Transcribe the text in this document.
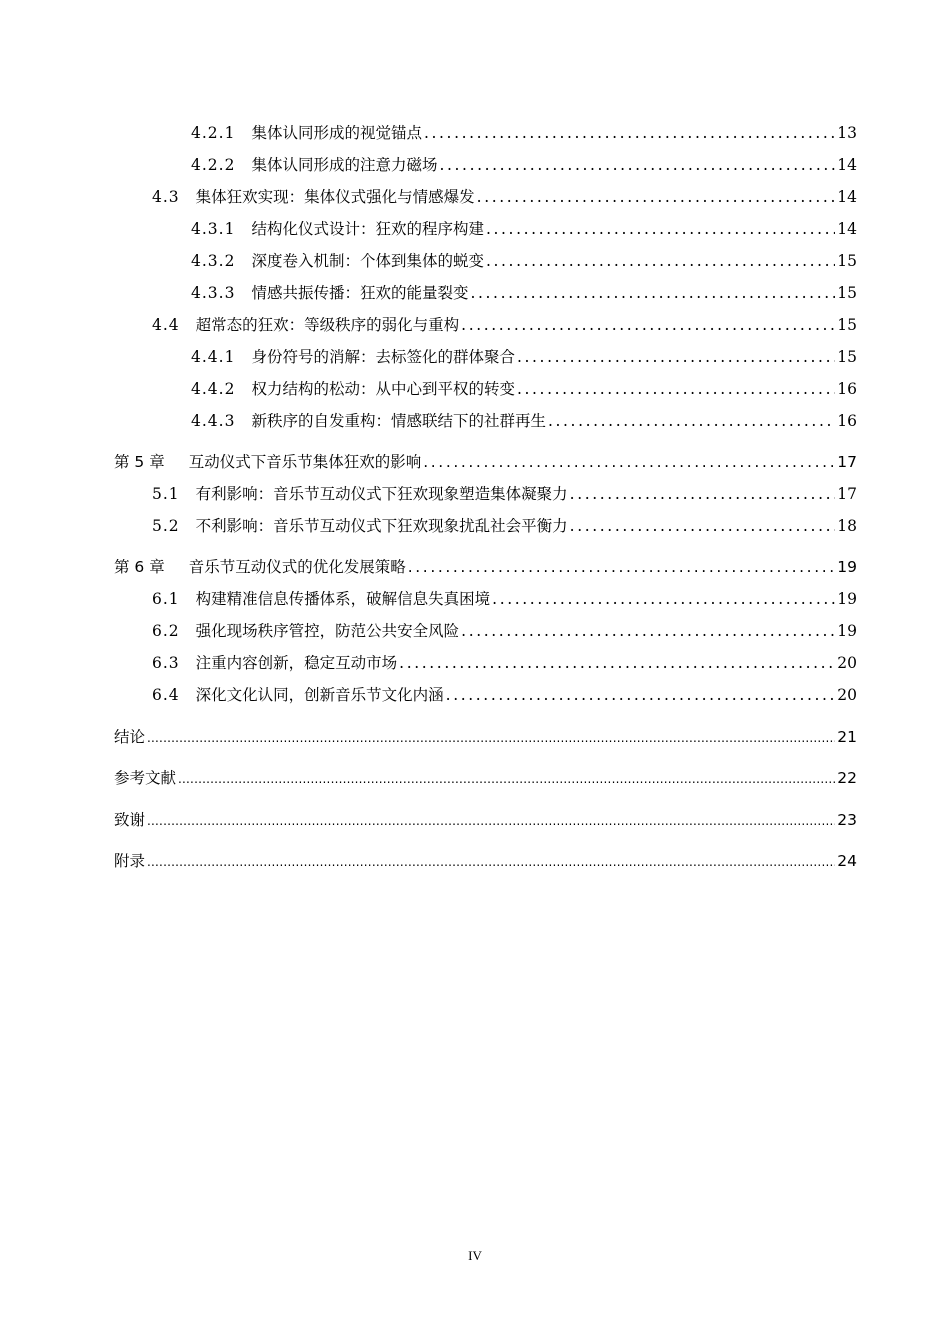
4.2.1 集体认同形成的视觉锚点 .....	13
4.2.2 集体认同形成的注意力磁场 .....	14
4.3 集体狂欢实现：集体仪式强化与情感爆发 .....	14
4.3.1 结构化仪式设计：狂欢的程序构建 .....	14
4.3.2 深度卷入机制：个体到集体的蜕变 .....	15
4.3.3 情感共振传播：狂欢的能量裂变 .....	15
4.4 超常态的狂欢：等级秩序的弱化与重构 .....	15
4.4.1 身份符号的消解：去标签化的群体聚合 .....	15
4.4.2 权力结构的松动：从中心到平权的转变 .....	16
4.4.3 新秩序的自发重构：情感联结下的社群再生 .....	16
第 5 章 互动仪式下音乐节集体狂欢的影响 .....	17
5.1 有利影响：音乐节互动仪式下狂欢现象塑造集体凝聚力 .....	17
5.2 不利影响：音乐节互动仪式下狂欢现象扰乱社会平衡力 .....	18
第 6 章 音乐节互动仪式的优化发展策略 .....	19
6.1 构建精准信息传播体系，破解信息失真困境 .....	19
6.2 强化现场秩序管控，防范公共安全风险 .....	19
6.3 注重内容创新，稳定互动市场 .....	20
6.4 深化文化认同，创新音乐节文化内涵 .....	20
结论 .....	21
参考文献 .....	22
致谢 .....	23
附录 .....	24
IV
